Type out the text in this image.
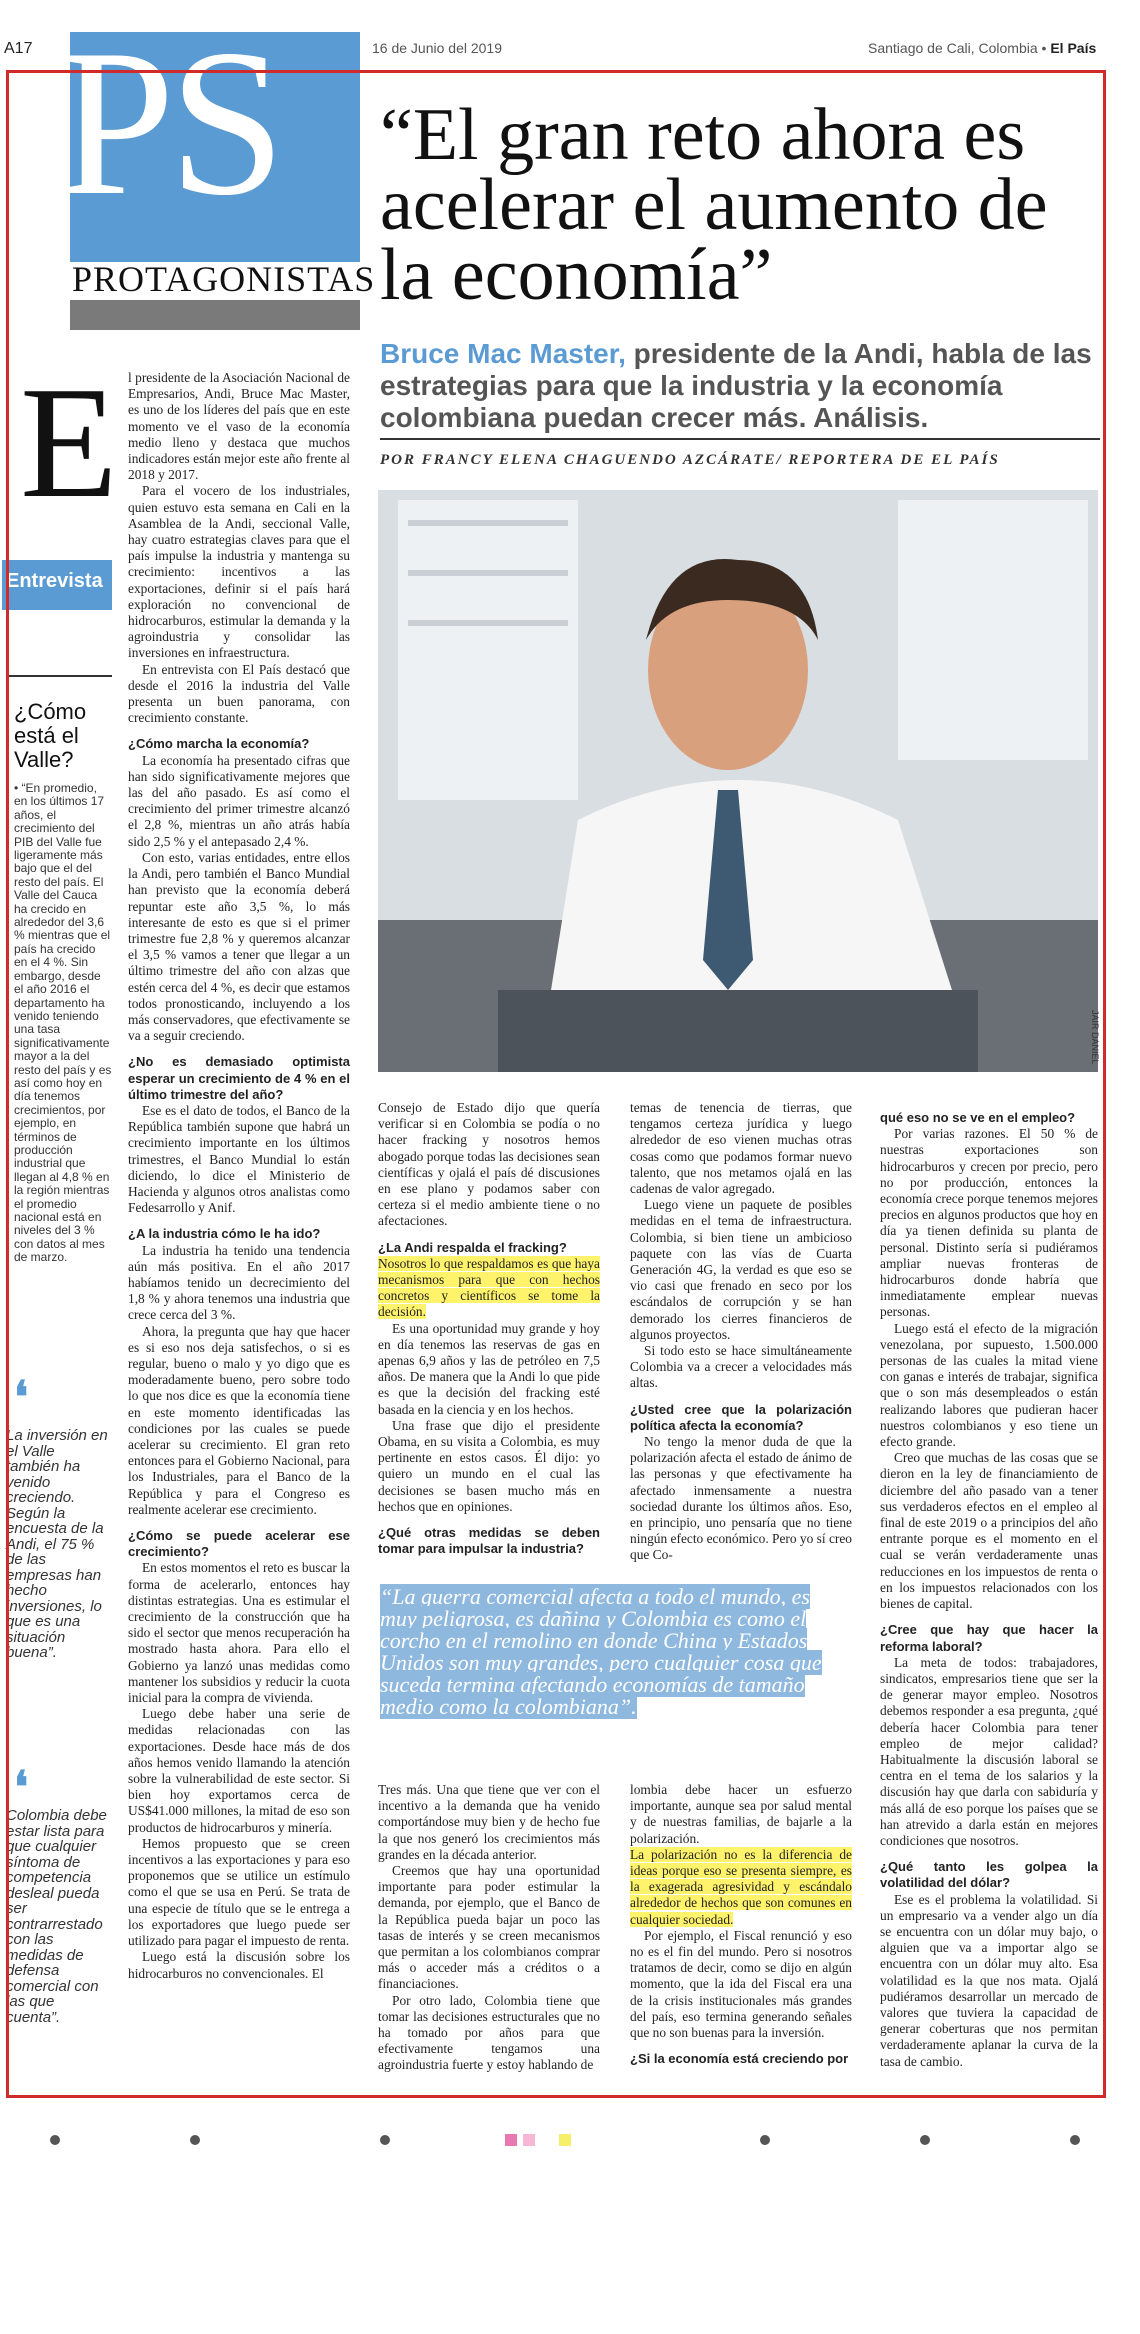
A17	16 de Junio del 2019	Santiago de Cali, Colombia • El País
PS
PROTAGONISTAS
“El gran reto ahora es acelerar el aumento de la economía”
Bruce Mac Master, presidente de la Andi, habla de las estrategias para que la industria y la economía colombiana puedan crecer más. Análisis.
POR FRANCY ELENA CHAGUENDO AZCÁRATE/ REPORTERA DE EL PAÍS
JAIR DANIEL
E
Entrevista
¿Cómo está el Valle?
• “En promedio, en los últimos 17 años, el crecimiento del PIB del Valle fue ligeramente más bajo que el del resto del país. El Valle del Cauca ha crecido en alrededor del 3,6 % mientras que el país ha crecido en el 4 %. Sin embargo, desde el año 2016 el departamento ha venido teniendo una tasa significativamente mayor a la del resto del país y es así como hoy en día tenemos crecimientos, por ejemplo, en términos de producción industrial que llegan al 4,8 % en la región mientras el promedio nacional está en niveles del 3 % con datos al mes de marzo.
❛
La inversión en el Valle también ha venido creciendo. Según la encuesta de la Andi, el 75 % de las empresas han hecho inversiones, lo que es una situación buena”.
❛
Colombia debe estar lista para que cualquier síntoma de competencia desleal pueda ser contrarrestado con las medidas de defensa comercial con las que cuenta”.

l presidente de la Asociación Nacional de Empresarios, Andi, Bruce Mac Master, es uno de los líderes del país que en este momento ve el vaso de la economía medio lleno y destaca que muchos indicadores están mejor este año frente al 2018 y 2017.

Para el vocero de los industriales, quien estuvo esta semana en Cali en la Asamblea de la Andi, seccional Valle, hay cuatro estrategias claves para que el país impulse la industria y mantenga su crecimiento: incentivos a las exportaciones, definir si el país hará exploración no convencional de hidrocarburos, estimular la demanda y la agroindustria y consolidar las inversiones en infraestructura.

En entrevista con El País destacó que desde el 2016 la industria del Valle presenta un buen panorama, con crecimiento constante.

¿Cómo marcha la economía?

La economía ha presentado cifras que han sido significativamente mejores que las del año pasado. Es así como el crecimiento del primer trimestre alcanzó el 2,8 %, mientras un año atrás había sido 2,5 % y el antepasado 2,4 %.

Con esto, varias entidades, entre ellos la Andi, pero también el Banco Mundial han previsto que la economía deberá repuntar este año 3,5 %, lo más interesante de esto es que si el primer trimestre fue 2,8 % y queremos alcanzar el 3,5 % vamos a tener que llegar a un último trimestre del año con alzas que estén cerca del 4 %, es decir que estamos todos pronosticando, incluyendo a los más conservadores, que efectivamente se va a seguir creciendo.

¿No es demasiado optimista esperar un crecimiento de 4 % en el último trimestre del año?

Ese es el dato de todos, el Banco de la República también supone que habrá un crecimiento importante en los últimos trimestres, el Banco Mundial lo están diciendo, lo dice el Ministerio de Hacienda y algunos otros analistas como Fedesarrollo y Anif.

¿A la industria cómo le ha ido?

La industria ha tenido una tendencia aún más positiva. En el año 2017 habíamos tenido un decrecimiento del 1,8 % y ahora tenemos una industria que crece cerca del 3 %.

Ahora, la pregunta que hay que hacer es si eso nos deja satisfechos, o si es regular, bueno o malo y yo digo que es moderadamente bueno, pero sobre todo lo que nos dice es que la economía tiene en este momento identificadas las condiciones por las cuales se puede acelerar su crecimiento. El gran reto entonces para el Gobierno Nacional, para los Industriales, para el Banco de la República y para el Congreso es realmente acelerar ese crecimiento.

¿Cómo se puede acelerar ese crecimiento?

En estos momentos el reto es buscar la forma de acelerarlo, entonces hay distintas estrategias. Una es estimular el crecimiento de la construcción que ha sido el sector que menos recuperación ha mostrado hasta ahora. Para ello el Gobierno ya lanzó unas medidas como mantener los subsidios y reducir la cuota inicial para la compra de vivienda.

Luego debe haber una serie de medidas relacionadas con las exportaciones. Desde hace más de dos años hemos venido llamando la atención sobre la vulnerabilidad de este sector. Si bien hoy exportamos cerca de US$41.000 millones, la mitad de eso son productos de hidrocarburos y minería.

Hemos propuesto que se creen incentivos a las exportaciones y para eso proponemos que se utilice un estímulo como el que se usa en Perú. Se trata de una especie de título que se le entrega a los exportadores que luego puede ser utilizado para pagar el impuesto de renta.

Luego está la discusión sobre los hidrocarburos no convencionales. El

Consejo de Estado dijo que quería verificar si en Colombia se podía o no hacer fracking y nosotros hemos abogado porque todas las decisiones sean científicas y ojalá el país dé discusiones en ese plano y podamos saber con certeza si el medio ambiente tiene o no afectaciones.

¿La Andi respalda el fracking?

Nosotros lo que respaldamos es que haya mecanismos para que con hechos concretos y científicos se tome la decisión.

Es una oportunidad muy grande y hoy en día tenemos las reservas de gas en apenas 6,9 años y las de petróleo en 7,5 años. De manera que la Andi lo que pide es que la decisión del fracking esté basada en la ciencia y en los hechos.

Una frase que dijo el presidente Obama, en su visita a Colombia, es muy pertinente en estos casos. Él dijo: yo quiero un mundo en el cual las decisiones se basen mucho más en hechos que en opiniones.

¿Qué otras medidas se deben tomar para impulsar la industria?

temas de tenencia de tierras, que tengamos certeza jurídica y luego alrededor de eso vienen muchas otras cosas como que podamos formar nuevo talento, que nos metamos ojalá en las cadenas de valor agregado.

Luego viene un paquete de posibles medidas en el tema de infraestructura. Colombia, si bien tiene un ambicioso paquete con las vías de Cuarta Generación 4G, la verdad es que eso se vio casi que frenado en seco por los escándalos de corrupción y se han demorado los cierres financieros de algunos proyectos.

Si todo esto se hace simultáneamente Colombia va a crecer a velocidades más altas.

¿Usted cree que la polarización política afecta la economía?

No tengo la menor duda de que la polarización afecta el estado de ánimo de las personas y que efectivamente ha afectado inmensamente a nuestra sociedad durante los últimos años. Eso, en principio, uno pensaría que no tiene ningún efecto económico. Pero yo sí creo que Co-

qué eso no se ve en el empleo?

Por varias razones. El 50 % de nuestras exportaciones son hidrocarburos y crecen por precio, pero no por producción, entonces la economía crece porque tenemos mejores precios en algunos productos que hoy en día ya tienen definida su planta de personal. Distinto sería si pudiéramos ampliar nuevas fronteras de hidrocarburos donde habría que inmediatamente emplear nuevas personas.

Luego está el efecto de la migración venezolana, por supuesto, 1.500.000 personas de las cuales la mitad viene con ganas e interés de trabajar, significa que o son más desempleados o están realizando labores que pudieran hacer nuestros colombianos y eso tiene un efecto grande.

Creo que muchas de las cosas que se dieron en la ley de financiamiento de diciembre del año pasado van a tener sus verdaderos efectos en el empleo al final de este 2019 o a principios del año entrante porque es el momento en el cual se verán verdaderamente unas reducciones en los impuestos de renta o en los impuestos relacionados con los bienes de capital.

¿Cree que hay que hacer la reforma laboral?

La meta de todos: trabajadores, sindicatos, empresarios tiene que ser la de generar mayor empleo. Nosotros debemos responder a esa pregunta, ¿qué debería hacer Colombia para tener empleo de mejor calidad? Habitualmente la discusión laboral se centra en el tema de los salarios y la discusión hay que darla con sabiduría y más allá de eso porque los países que se han atrevido a darla están en mejores condiciones que nosotros.

¿Qué tanto les golpea la volatilidad del dólar?

Ese es el problema la volatilidad. Si un empresario va a vender algo un día se encuentra con un dólar muy bajo, o alguien que va a importar algo se encuentra con un dólar muy alto. Esa volatilidad es la que nos mata. Ojalá pudiéramos desarrollar un mercado de valores que tuviera la capacidad de generar coberturas que nos permitan verdaderamente aplanar la curva de la tasa de cambio.

Tres más. Una que tiene que ver con el incentivo a la demanda que ha venido comportándose muy bien y de hecho fue la que nos generó los crecimientos más grandes en la década anterior.

Creemos que hay una oportunidad importante para poder estimular la demanda, por ejemplo, que el Banco de la República pueda bajar un poco las tasas de interés y se creen mecanismos que permitan a los colombianos comprar más o acceder más a créditos o a financiaciones.

Por otro lado, Colombia tiene que tomar las decisiones estructurales que no ha tomado por años para que efectivamente tengamos una agroindustria fuerte y estoy hablando de

lombia debe hacer un esfuerzo importante, aunque sea por salud mental y de nuestras familias, de bajarle a la polarización.

La polarización no es la diferencia de ideas porque eso se presenta siempre, es la exagerada agresividad y escándalo alrededor de hechos que son comunes en cualquier sociedad.

Por ejemplo, el Fiscal renunció y eso no es el fin del mundo. Pero si nosotros tratamos de decir, como se dijo en algún momento, que la ida del Fiscal era una de la crisis institucionales más grandes del país, eso termina generando señales que no son buenas para la inversión.

¿Si la economía está creciendo por

“La guerra comercial afecta a todo el mundo, es muy peligrosa, es dañina y Colombia es como el corcho en el remolino en donde China y Estados Unidos son muy grandes, pero cualquier cosa que suceda termina afectando economías de tamaño medio como la colombiana”.
